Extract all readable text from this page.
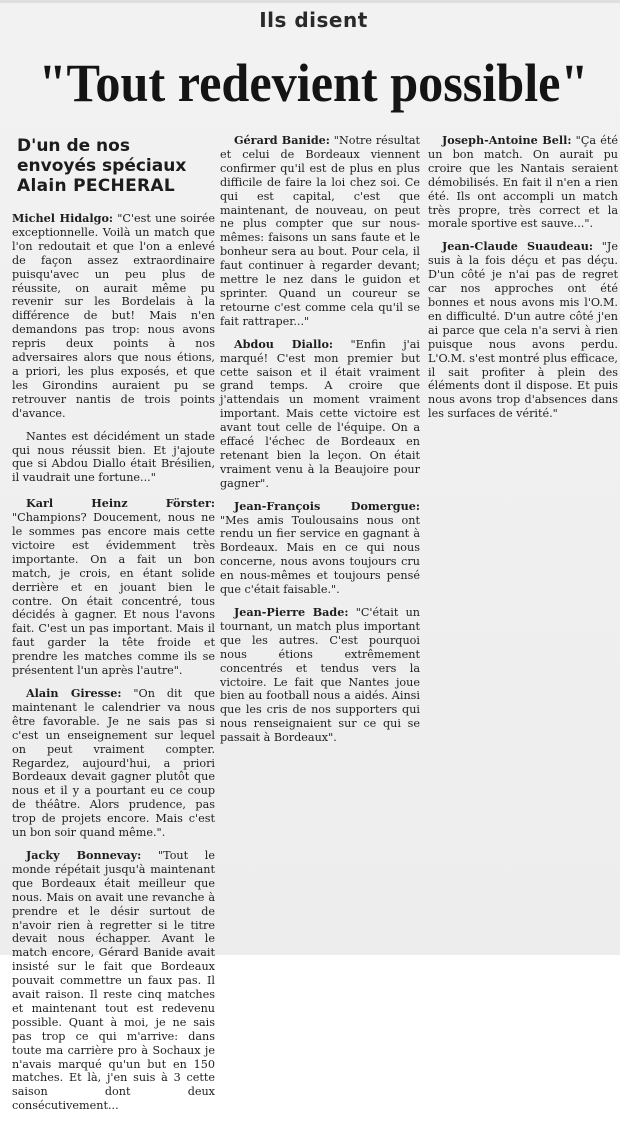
Ils disent
"Tout redevient possible"
D'un de nos
envoyés spéciaux
Alain PECHERAL

Michel Hidalgo: "C'est une soirée exceptionnelle. Voilà un match que l'on redoutait et que l'on a enlevé de façon assez extraordinaire puisqu'avec un peu plus de réussite, on aurait même pu revenir sur les Bordelais à la différence de but! Mais n'en demandons pas trop: nous avons repris deux points à nos adversaires alors que nous étions, a priori, les plus exposés, et que les Girondins auraient pu se retrouver nantis de trois points d'avance.

Nantes est décidément un stade qui nous réussit bien. Et j'ajoute que si Abdou Diallo était Brésilien, il vaudrait une fortune..."

Karl Heinz Förster: "Champions? Doucement, nous ne le sommes pas encore mais cette victoire est évidemment très importante. On a fait un bon match, je crois, en étant solide derrière et en jouant bien le contre. On était concentré, tous décidés à gagner. Et nous l'avons fait. C'est un pas important. Mais il faut garder la tête froide et prendre les matches comme ils se présentent l'un après l'autre".

Alain Giresse: "On dit que maintenant le calendrier va nous être favorable. Je ne sais pas si c'est un enseignement sur lequel on peut vraiment compter. Regardez, aujourd'hui, a priori Bordeaux devait gagner plutôt que nous et il y a pourtant eu ce coup de théâtre. Alors prudence, pas trop de projets encore. Mais c'est un bon soir quand même.".

Jacky Bonnevay: "Tout le monde répétait jusqu'à maintenant que Bordeaux était meilleur que nous. Mais on avait une revanche à prendre et le désir surtout de n'avoir rien à regretter si le titre devait nous échapper. Avant le match encore, Gérard Banide avait insisté sur le fait que Bordeaux pouvait commettre un faux pas. Il avait raison. Il reste cinq matches et maintenant tout est redevenu possible. Quant à moi, je ne sais pas trop ce qui m'arrive: dans toute ma carrière pro à Sochaux je n'avais marqué qu'un but en 150 matches. Et là, j'en suis à 3 cette saison dont deux consécutivement...

Gérard Banide: "Notre résultat et celui de Bordeaux viennent confirmer qu'il est de plus en plus difficile de faire la loi chez soi. Ce qui est capital, c'est que maintenant, de nouveau, on peut ne plus compter que sur nous-mêmes: faisons un sans faute et le bonheur sera au bout. Pour cela, il faut continuer à regarder devant; mettre le nez dans le guidon et sprinter. Quand un coureur se retourne c'est comme cela qu'il se fait rattraper..."

Abdou Diallo: "Enfin j'ai marqué! C'est mon premier but cette saison et il était vraiment grand temps. A croire que j'attendais un moment vraiment important. Mais cette victoire est avant tout celle de l'équipe. On a effacé l'échec de Bordeaux en retenant bien la leçon. On était vraiment venu à la Beaujoire pour gagner".

Jean-François Domergue: "Mes amis Toulousains nous ont rendu un fier service en gagnant à Bordeaux. Mais en ce qui nous concerne, nous avons toujours cru en nous-mêmes et toujours pensé que c'était faisable.".

Jean-Pierre Bade: "C'était un tournant, un match plus important que les autres. C'est pourquoi nous étions extrêmement concentrés et tendus vers la victoire. Le fait que Nantes joue bien au football nous a aidés. Ainsi que les cris de nos supporters qui nous renseignaient sur ce qui se passait à Bordeaux".

Joseph-Antoine Bell: "Ça été un bon match. On aurait pu croire que les Nantais seraient démobilisés. En fait il n'en a rien été. Ils ont accompli un match très propre, très correct et la morale sportive est sauve...".

Jean-Claude Suaudeau: "Je suis à la fois déçu et pas déçu. D'un côté je n'ai pas de regret car nos approches ont été bonnes et nous avons mis l'O.M. en difficulté. D'un autre côté j'en ai parce que cela n'a servi à rien puisque nous avons perdu. L'O.M. s'est montré plus efficace, il sait profiter à plein des éléments dont il dispose. Et puis nous avons trop d'absences dans les surfaces de vérité."
